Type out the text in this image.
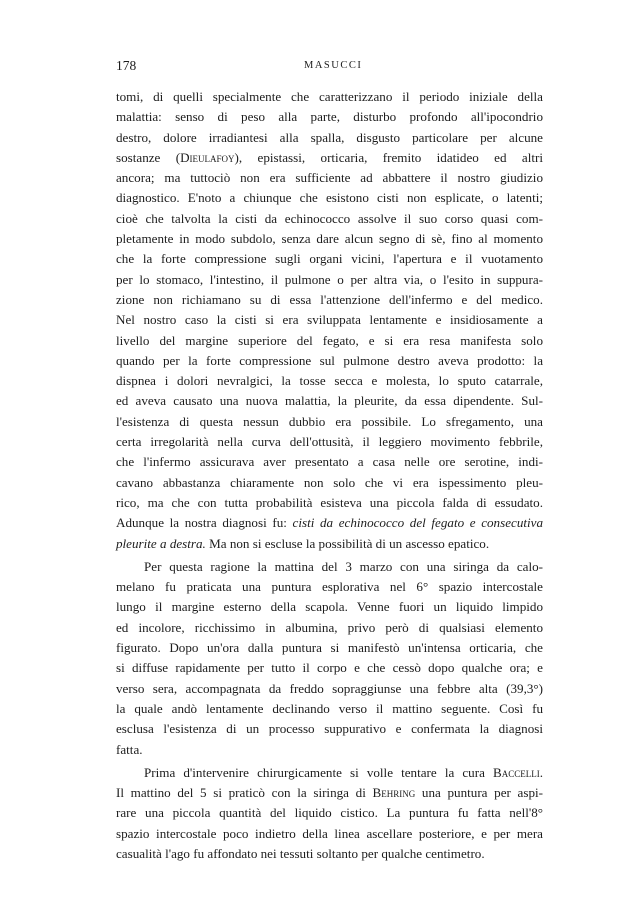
178	MASUCCI
tomi, di quelli specialmente che caratterizzano il periodo iniziale della
malattia: senso di peso alla parte, disturbo profondo all'ipocondrio
destro, dolore irradiantesi alla spalla, disgusto particolare per alcune
sostanze (Dieulafoy), epistassi, orticaria, fremito idatideo ed altri
ancora; ma tuttociò non era sufficiente ad abbattere il nostro giudizio
diagnostico. E'noto a chiunque che esistono cisti non esplicate, o latenti;
cioè che talvolta la cisti da echinococco assolve il suo corso quasi com-
pletamente in modo subdolo, senza dare alcun segno di sè, fino al momento
che la forte compressione sugli organi vicini, l'apertura e il vuotamento
per lo stomaco, l'intestino, il pulmone o per altra via, o l'esito in suppura-
zione non richiamano su di essa l'attenzione dell'infermo e del medico.
Nel nostro caso la cisti si era sviluppata lentamente e insidiosamente a
livello del margine superiore del fegato, e si era resa manifesta solo
quando per la forte compressione sul pulmone destro aveva prodotto: la
dispnea i dolori nevralgici, la tosse secca e molesta, lo sputo catarrale,
ed aveva causato una nuova malattia, la pleurite, da essa dipendente. Sul-
l'esistenza di questa nessun dubbio era possibile. Lo sfregamento, una
certa irregolarità nella curva dell'ottusità, il leggiero movimento febbrile,
che l'infermo assicurava aver presentato a casa nelle ore serotine, indi-
cavano abbastanza chiaramente non solo che vi era ispessimento pleu-
rico, ma che con tutta probabilità esisteva una piccola falda di essudato.
Adunque la nostra diagnosi fu: cisti da echinococco del fegato e consecutiva
pleurite a destra. Ma non si escluse la possibilità di un ascesso epatico.
Per questa ragione la mattina del 3 marzo con una siringa da calo-
melano fu praticata una puntura esplorativa nel 6° spazio intercostale
lungo il margine esterno della scapola. Venne fuori un liquido limpido
ed incolore, ricchissimo in albumina, privo però di qualsiasi elemento
figurato. Dopo un'ora dalla puntura si manifestò un'intensa orticaria, che
si diffuse rapidamente per tutto il corpo e che cessò dopo qualche ora; e
verso sera, accompagnata da freddo sopraggiunse una febbre alta (39,3°)
la quale andò lentamente declinando verso il mattino seguente. Così fu
esclusa l'esistenza di un processo suppurativo e confermata la diagnosi
fatta.
Prima d'intervenire chirurgicamente si volle tentare la cura Baccelli.
Il mattino del 5 si praticò con la siringa di Behring una puntura per aspi-
rare una piccola quantità del liquido cistico. La puntura fu fatta nell'8°
spazio intercostale poco indietro della linea ascellare posteriore, e per mera
casualità l'ago fu affondato nei tessuti soltanto per qualche centimetro.
